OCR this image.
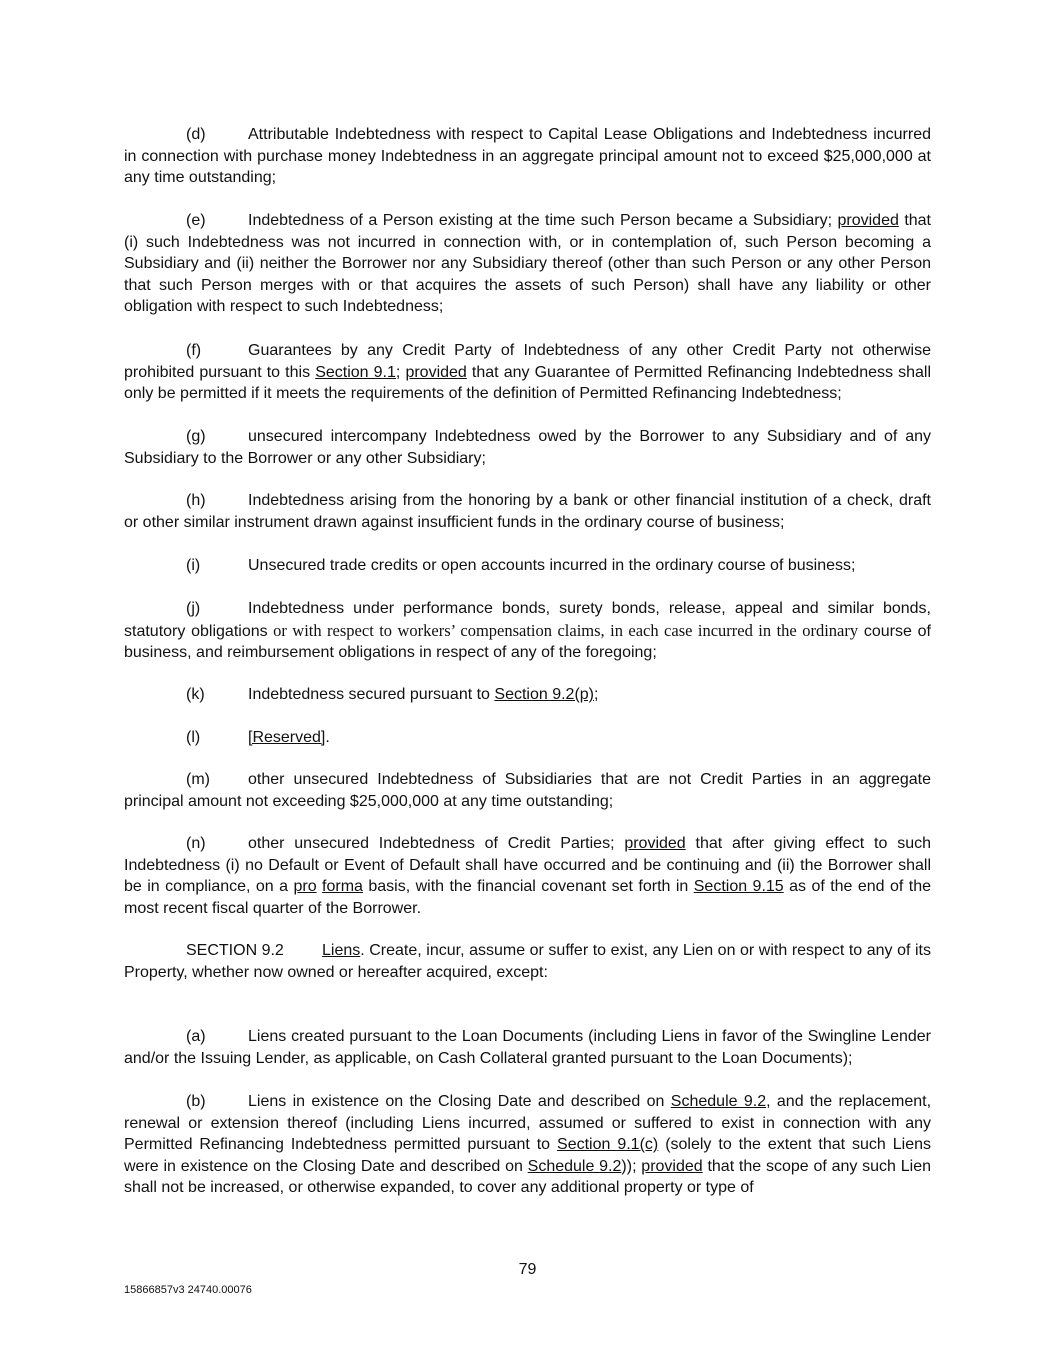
(d)	Attributable Indebtedness with respect to Capital Lease Obligations and Indebtedness incurred in connection with purchase money Indebtedness in an aggregate principal amount not to exceed $25,000,000 at any time outstanding;

(e)	Indebtedness of a Person existing at the time such Person became a Subsidiary; provided that (i) such Indebtedness was not incurred in connection with, or in contemplation of, such Person becoming a Subsidiary and (ii) neither the Borrower nor any Subsidiary thereof (other than such Person or any other Person that such Person merges with or that acquires the assets of such Person) shall have any liability or other obligation with respect to such Indebtedness;

(f)	Guarantees by any Credit Party of Indebtedness of any other Credit Party not otherwise prohibited pursuant to this Section 9.1; provided that any Guarantee of Permitted Refinancing Indebtedness shall only be permitted if it meets the requirements of the definition of Permitted Refinancing Indebtedness;

(g)	unsecured intercompany Indebtedness owed by the Borrower to any Subsidiary and of any Subsidiary to the Borrower or any other Subsidiary;

(h)	Indebtedness arising from the honoring by a bank or other financial institution of a check, draft or other similar instrument drawn against insufficient funds in the ordinary course of business;

(i)	Unsecured trade credits or open accounts incurred in the ordinary course of business;

(j)	Indebtedness under performance bonds, surety bonds, release, appeal and similar bonds, statutory obligations or with respect to workers’ compensation claims, in each case incurred in the ordinary course of business, and reimbursement obligations in respect of any of the foregoing;

(k)	Indebtedness secured pursuant to Section 9.2(p);

(l)	[Reserved].

(m) other unsecured Indebtedness of Subsidiaries that are not Credit Parties in an aggregate principal amount not exceeding $25,000,000 at any time outstanding;

(n)	other unsecured Indebtedness of Credit Parties; provided that after giving effect to such Indebtedness (i) no Default or Event of Default shall have occurred and be continuing and (ii) the Borrower shall be in compliance, on a pro forma basis, with the financial covenant set forth in Section 9.15 as of the end of the most recent fiscal quarter of the Borrower.

SECTION 9.2 Liens. Create, incur, assume or suffer to exist, any Lien on or with respect to any of its Property, whether now owned or hereafter acquired, except:

(a)	Liens created pursuant to the Loan Documents (including Liens in favor of the Swingline Lender and/or the Issuing Lender, as applicable, on Cash Collateral granted pursuant to the Loan Documents);

(b)	Liens in existence on the Closing Date and described on Schedule 9.2, and the replacement, renewal or extension thereof (including Liens incurred, assumed or suffered to exist in connection with any Permitted Refinancing Indebtedness permitted pursuant to Section 9.1(c) (solely to the extent that such Liens were in existence on the Closing Date and described on Schedule 9.2)); provided that the scope of any such Lien shall not be increased, or otherwise expanded, to cover any additional property or type of

79
15866857v3 24740.00076
